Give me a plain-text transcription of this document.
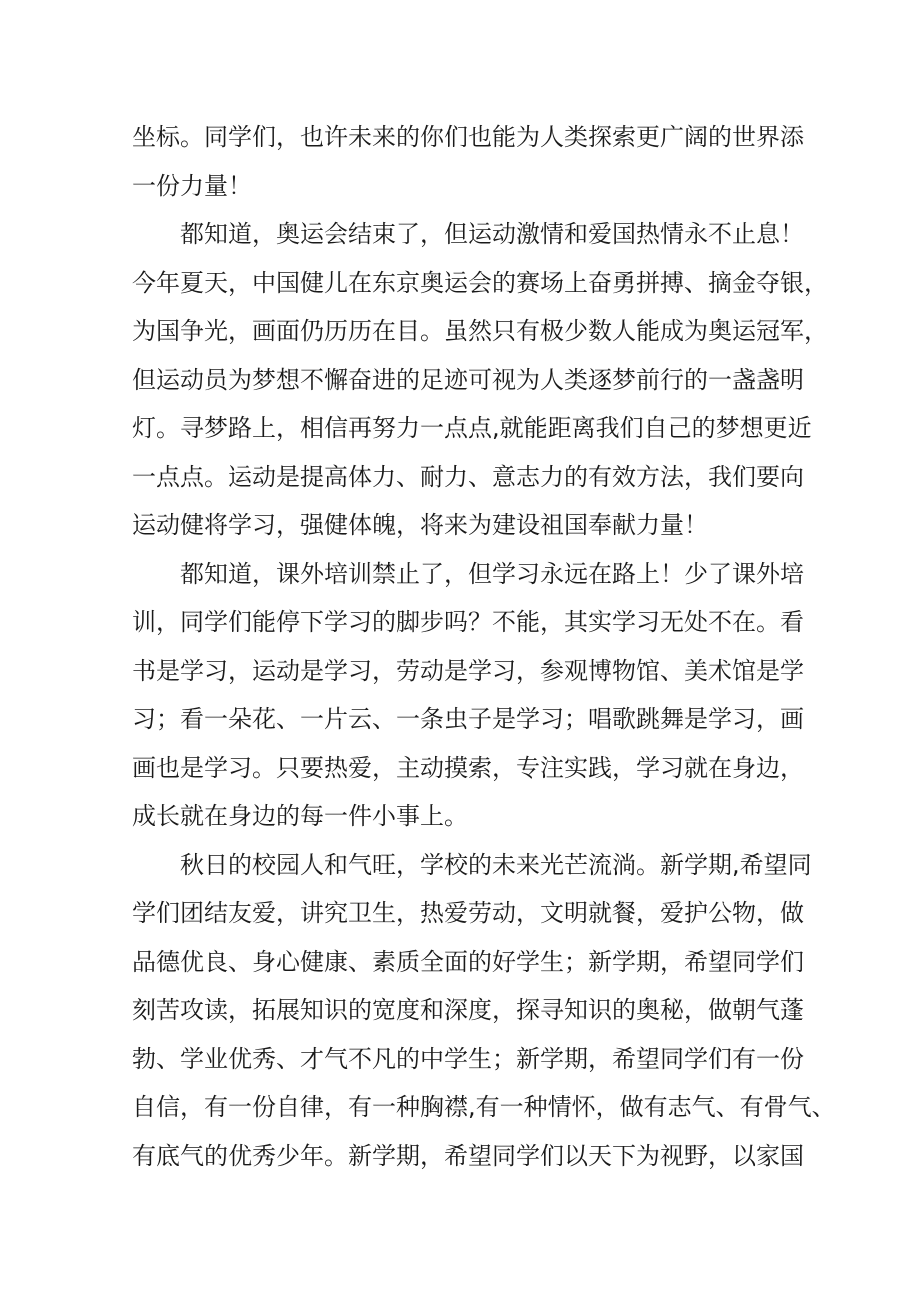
坐标。同学们，也许未来的你们也能为人类探索更广阔的世界添
一份力量！
都知道，奥运会结束了，但运动激情和爱国热情永不止息！
今年夏天，中国健儿在东京奥运会的赛场上奋勇拼搏、摘金夺银，
为国争光，画面仍历历在目。虽然只有极少数人能成为奥运冠军，
但运动员为梦想不懈奋进的足迹可视为人类逐梦前行的一盏盏明
灯。寻梦路上，相信再努力一点点,就能距离我们自己的梦想更近
一点点。运动是提高体力、耐力、意志力的有效方法，我们要向
运动健将学习，强健体魄，将来为建设祖国奉献力量！
都知道，课外培训禁止了，但学习永远在路上！少了课外培
训，同学们能停下学习的脚步吗？不能，其实学习无处不在。看
书是学习，运动是学习，劳动是学习，参观博物馆、美术馆是学
习；看一朵花、一片云、一条虫子是学习；唱歌跳舞是学习，画
画也是学习。只要热爱，主动摸索，专注实践，学习就在身边，
成长就在身边的每一件小事上。
秋日的校园人和气旺，学校的未来光芒流淌。新学期,希望同
学们团结友爱，讲究卫生，热爱劳动，文明就餐，爱护公物，做
品德优良、身心健康、素质全面的好学生；新学期，希望同学们
刻苦攻读，拓展知识的宽度和深度，探寻知识的奥秘，做朝气蓬
勃、学业优秀、才气不凡的中学生；新学期，希望同学们有一份
自信，有一份自律，有一种胸襟,有一种情怀，做有志气、有骨气、
有底气的优秀少年。新学期，希望同学们以天下为视野，以家国
